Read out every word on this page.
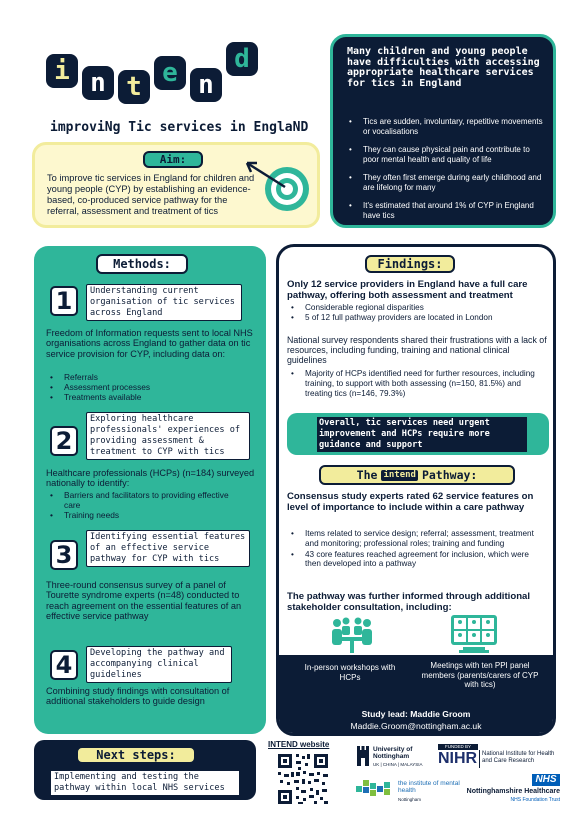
i n t e n
d
improviNg Tic services in EnglaND
Aim:
To improve tic services in England for children and young people (CYP) by establishing an evidence-based, co-produced service pathway for the referral, assessment and treatment of tics
Many children and young people have difficulties with accessing appropriate healthcare services for tics in England
• Tics are sudden, involuntary, repetitive movements or vocalisations
• They can cause physical pain and contribute to poor mental health and quality of life
• They often first emerge during early childhood and are lifelong for many
• It's estimated that around 1% of CYP in England have tics
Methods:
1	Understanding current organisation of tic services across England
Freedom of Information requests sent to local NHS organisations across England to gather data on tic service provision for CYP, including data on:
• Referrals
• Assessment processes
• Treatments available
2
Exploring healthcare professionals' experiences of providing assessment & treatment to CYP with tics
Healthcare professionals (HCPs) (n=184) surveyed nationally to identify:
• Barriers and facilitators to providing effective care
• Training needs
3
Identifying essential features of an effective service pathway for CYP with tics
Three-round consensus survey of a panel of Tourette syndrome experts (n=48) conducted to reach agreement on the essential features of an effective service pathway
4	Developing the pathway and accompanying clinical guidelines
Combining study findings with consultation of additional stakeholders to guide design
Findings:
Only 12 service providers in England have a full care pathway, offering both assessment and treatment
• Considerable regional disparities
• 5 of 12 full pathway providers are located in London
National survey respondents shared their frustrations with a lack of resources, including funding, training and national clinical guidelines
• Majority of HCPs identified need for further resources, including training, to support with both assessing (n=150, 81.5%) and treating tics (n=146, 79.3%)
Overall, tic services need urgent improvement and HCPs require more guidance and support
The intend Pathway:
Consensus study experts rated 62 service features on level of importance to include within a care pathway
• Items related to service design; referral; assessment, treatment and monitoring; professional roles; training and funding
• 43 core features reached agreement for inclusion, which were then developed into a pathway
The pathway was further informed through additional stakeholder consultation, including:
In-person workshops with HCPs
Meetings with ten PPI panel members (parents/carers of CYP with tics)
Study lead: Maddie Groom
Maddie.Groom@nottingham.ac.uk
Next steps:
Implementing and testing the pathway within local NHS services
INTEND website
University of Nottingham
UK | CHINA | MALAYSIA
FUNDED BY
NIHR National Institute for Health and Care Research
the institute of mental health
Nottingham
NHS
Nottinghamshire Healthcare
NHS Foundation Trust
